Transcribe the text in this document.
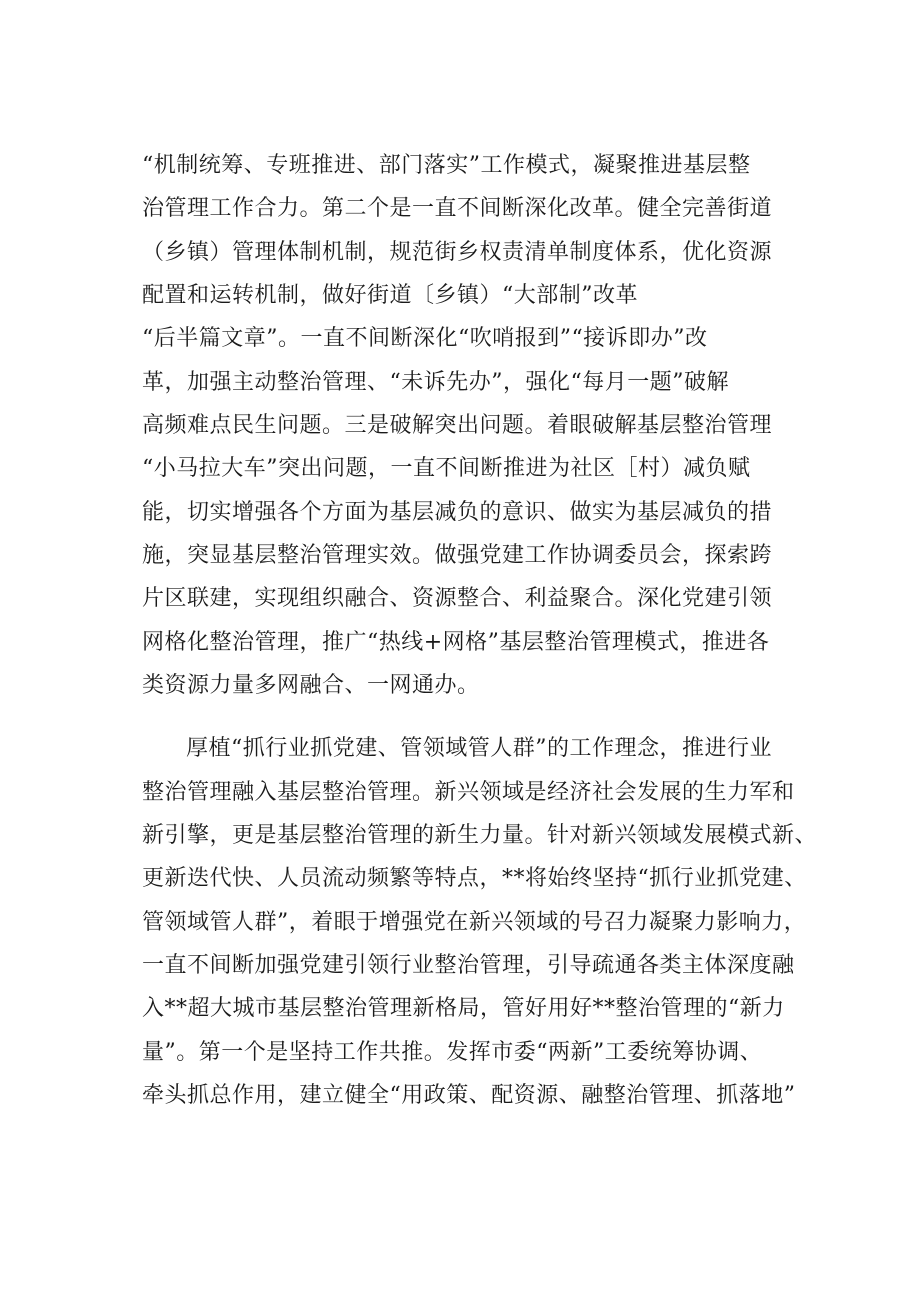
“机制统筹、专班推进、部门落实”工作模式，凝聚推进基层整
治管理工作合力。第二个是一直不间断深化改革。健全完善街道
（乡镇）管理体制机制，规范街乡权责清单制度体系，优化资源
配置和运转机制，做好街道〔乡镇）“大部制”改革
“后半篇文章”。一直不间断深化“吹哨报到”“接诉即办”改
革，加强主动整治管理、“未诉先办”，强化“每月一题”破解
高频难点民生问题。三是破解突出问题。着眼破解基层整治管理
“小马拉大车”突出问题，一直不间断推进为社区［村）减负赋
能，切实增强各个方面为基层减负的意识、做实为基层减负的措
施，突显基层整治管理实效。做强党建工作协调委员会，探索跨
片区联建，实现组织融合、资源整合、利益聚合。深化党建引领
网格化整治管理，推广“热线+网格”基层整治管理模式，推进各
类资源力量多网融合、一网通办。
厚植“抓行业抓党建、管领域管人群”的工作理念，推进行业
整治管理融入基层整治管理。新兴领域是经济社会发展的生力军和
新引擎，更是基层整治管理的新生力量。针对新兴领域发展模式新、
更新迭代快、人员流动频繁等特点，**将始终坚持“抓行业抓党建、
管领域管人群”，着眼于增强党在新兴领域的号召力凝聚力影响力，
一直不间断加强党建引领行业整治管理，引导疏通各类主体深度融
入**超大城市基层整治管理新格局，管好用好**整治管理的“新力
量”。第一个是坚持工作共推。发挥市委“两新”工委统筹协调、
牵头抓总作用，建立健全“用政策、配资源、融整治管理、抓落地”
